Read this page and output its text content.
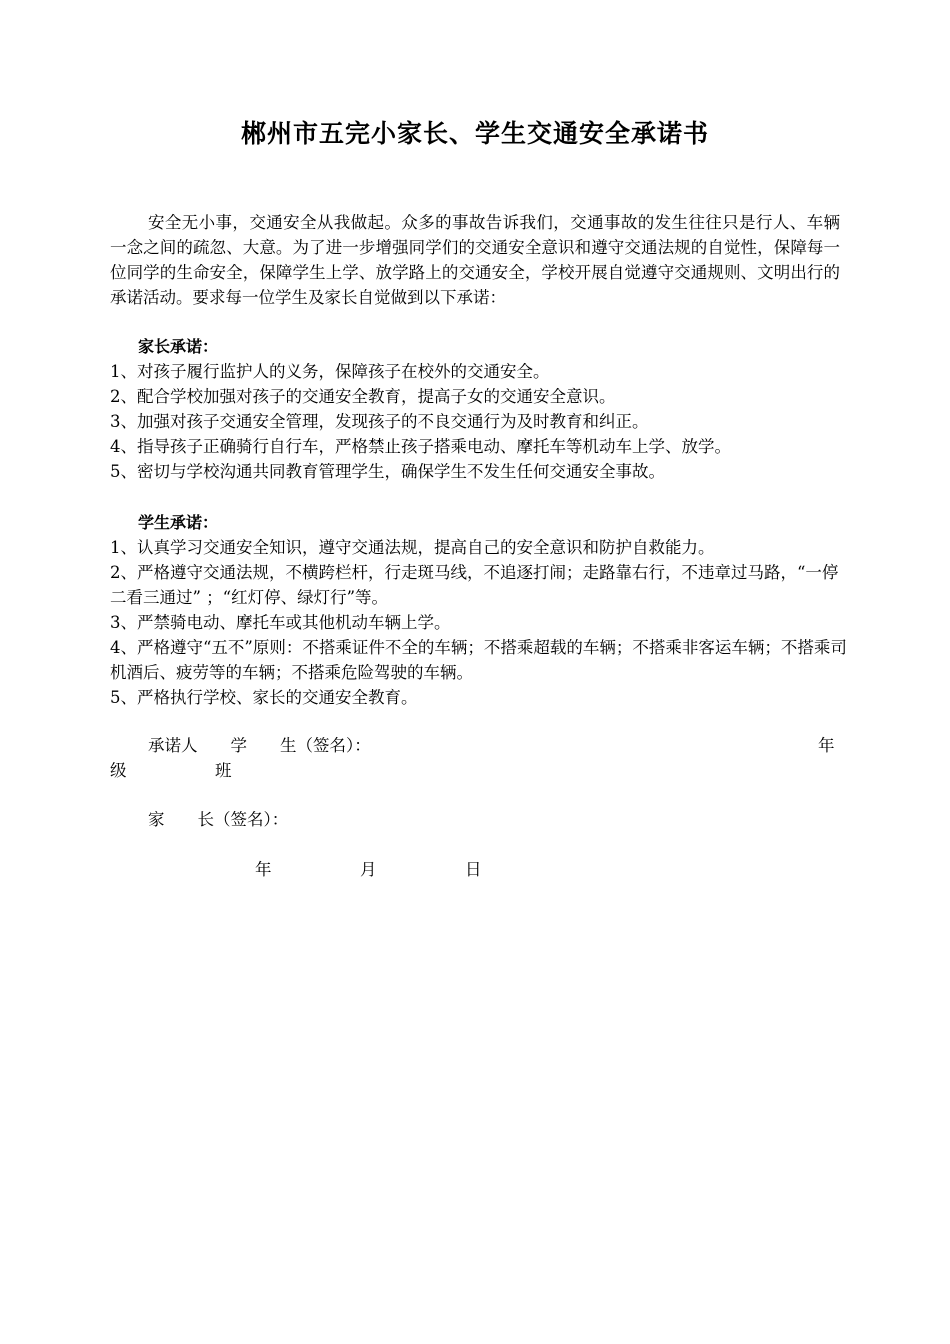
郴州市五完小家长、学生交通安全承诺书
安全无小事，交通安全从我做起。众多的事故告诉我们，交通事故的发生往往只是行人、车辆一念之间的疏忽、大意。为了进一步增强同学们的交通安全意识和遵守交通法规的自觉性，保障每一位同学的生命安全，保障学生上学、放学路上的交通安全，学校开展自觉遵守交通规则、文明出行的承诺活动。要求每一位学生及家长自觉做到以下承诺：
家长承诺：
1、对孩子履行监护人的义务，保障孩子在校外的交通安全。
2、配合学校加强对孩子的交通安全教育，提高子女的交通安全意识。
3、加强对孩子交通安全管理，发现孩子的不良交通行为及时教育和纠正。
4、指导孩子正确骑行自行车，严格禁止孩子搭乘电动、摩托车等机动车上学、放学。
5、密切与学校沟通共同教育管理学生，确保学生不发生任何交通安全事故。
学生承诺：
1、认真学习交通安全知识，遵守交通法规，提高自己的安全意识和防护自救能力。
2、严格遵守交通法规，不横跨栏杆，行走斑马线，不追逐打闹；走路靠右行，不违章过马路，“一停二看三通过” ；“红灯停、绿灯行”等。
3、严禁骑电动、摩托车或其他机动车辆上学。
4、严格遵守“五不”原则：不搭乘证件不全的车辆；不搭乘超载的车辆；不搭乘非客运车辆；不搭乘司机酒后、疲劳等的车辆；不搭乘危险驾驶的车辆。
5、严格执行学校、家长的交通安全教育。
承诺人　　学　　生（签名）：	年
级	班
家　　长（签名）：
年	月	日
